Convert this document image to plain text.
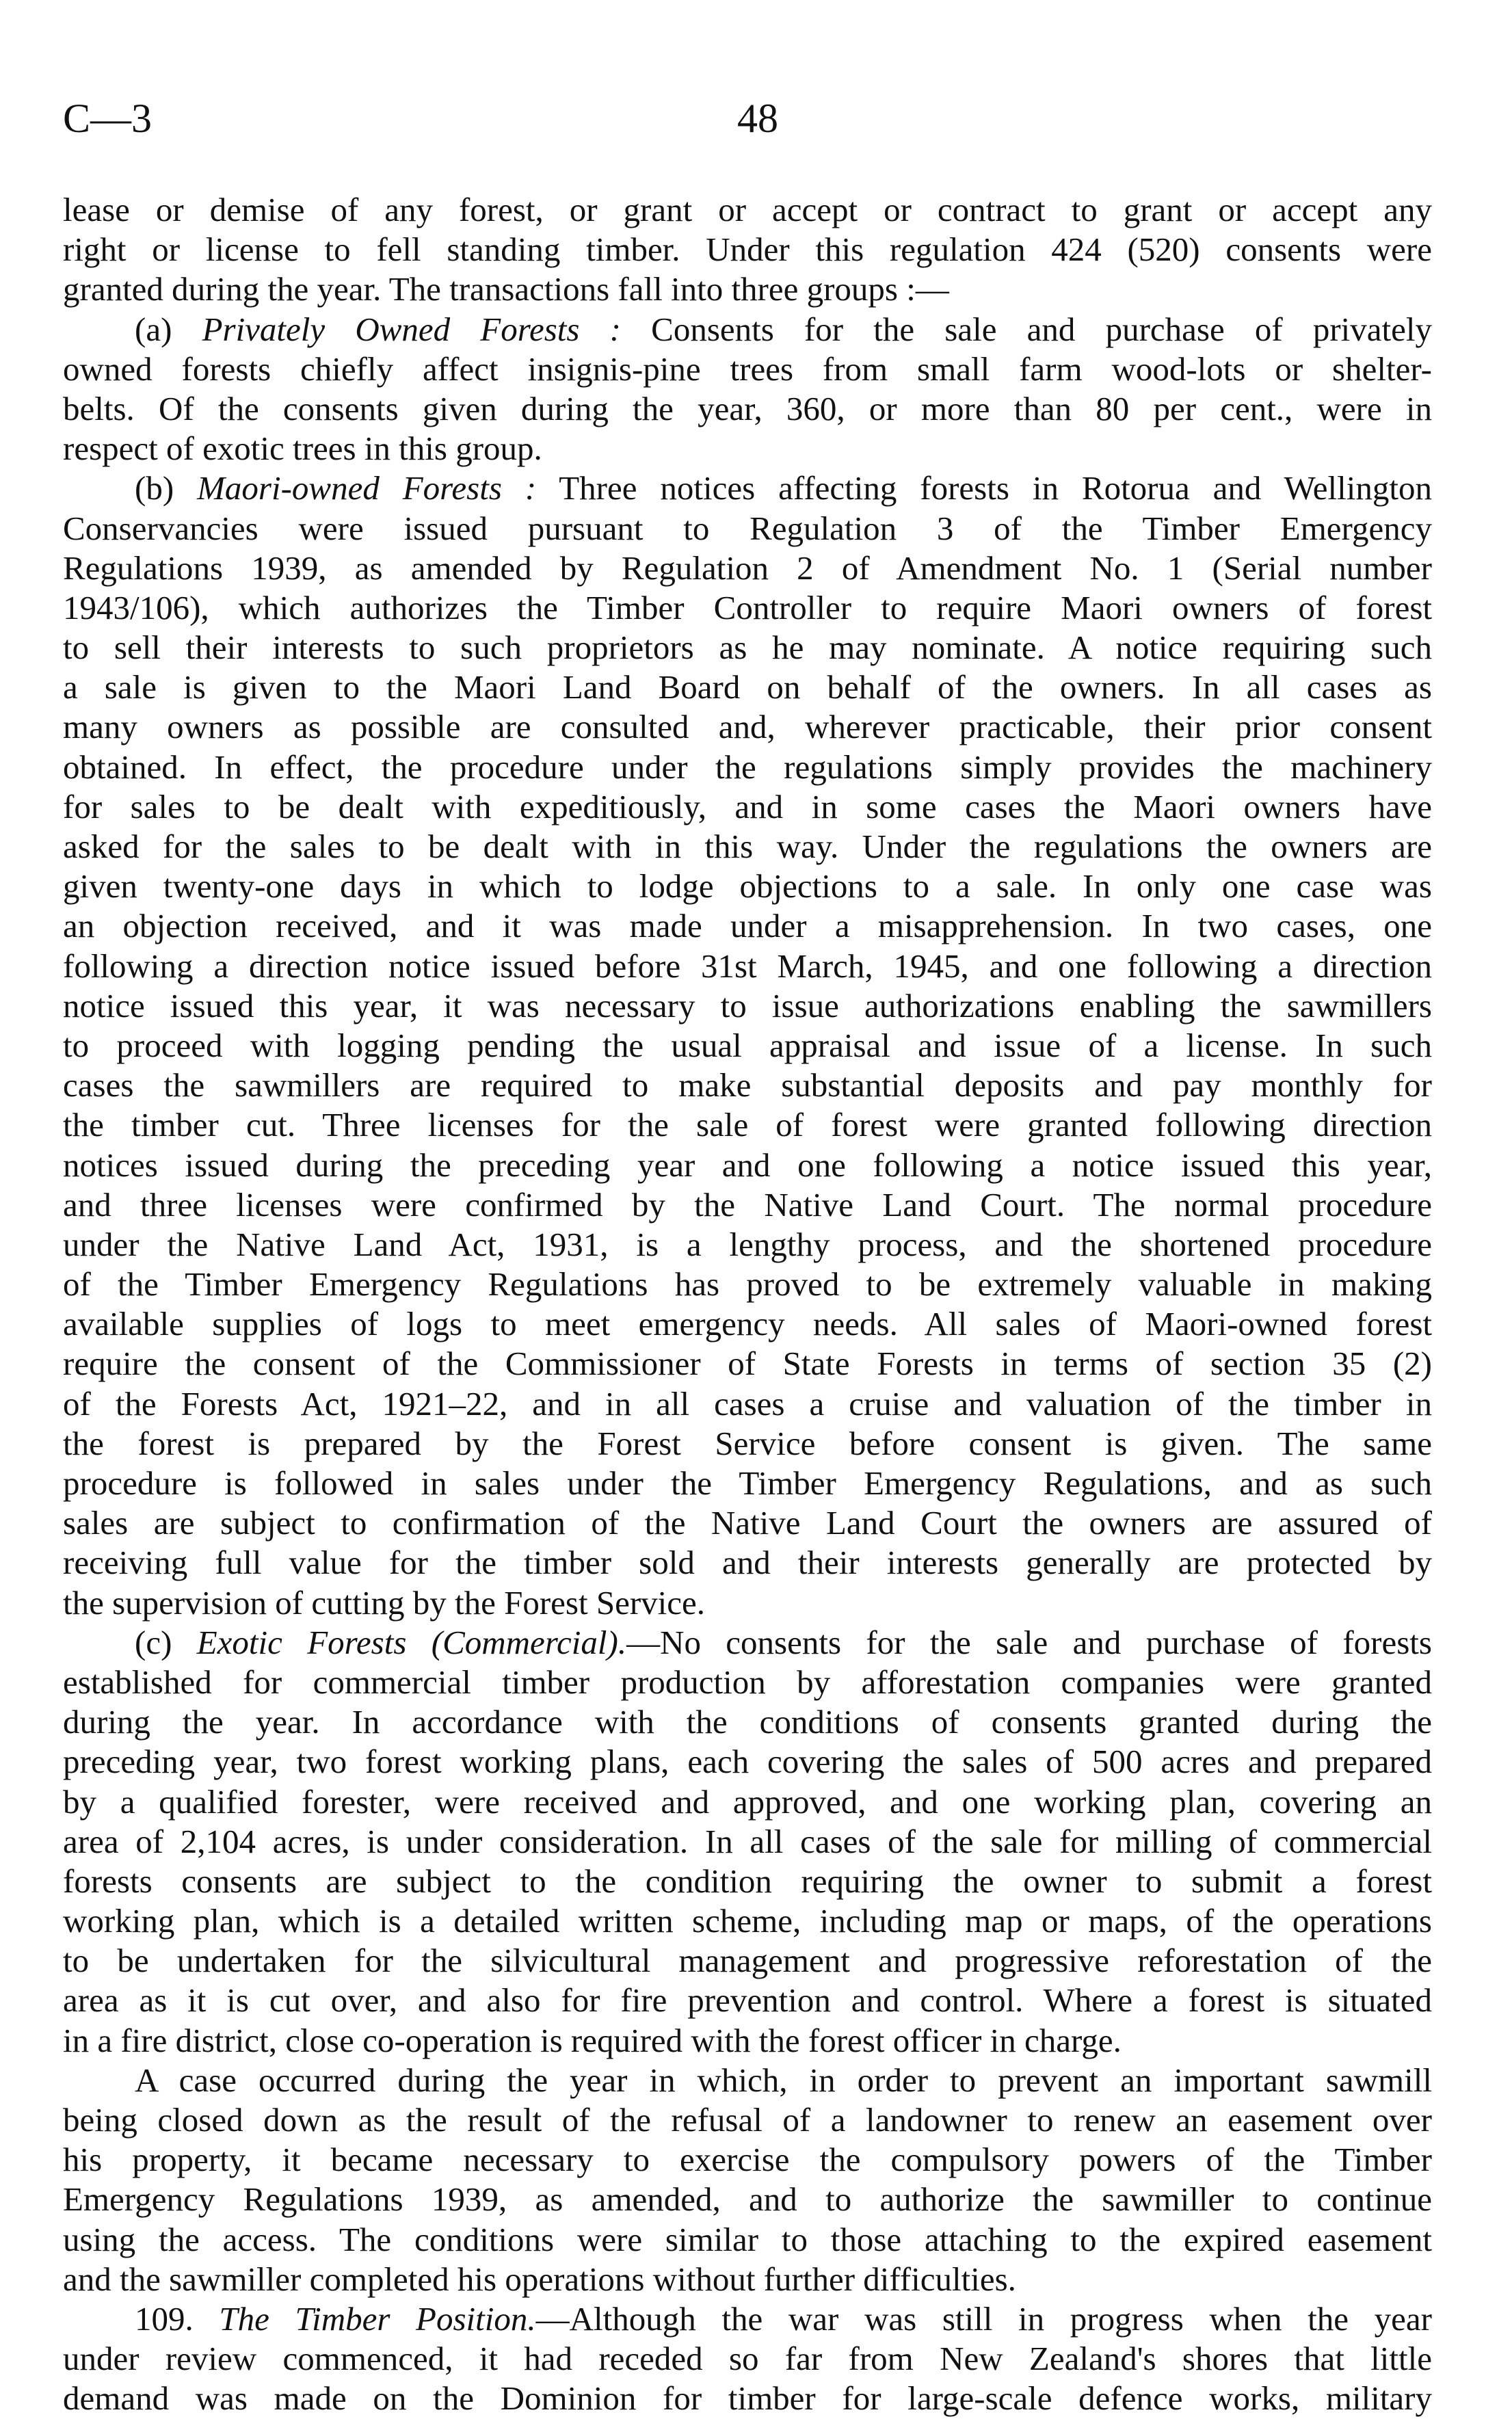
C—3	48
lease or demise of any forest, or grant or accept or contract to grant or accept any
right or license to fell standing timber. Under this regulation 424 (520) consents were
granted during the year. The transactions fall into three groups :—
(a) Privately Owned Forests : Consents for the sale and purchase of privately
owned forests chiefly affect insignis-pine trees from small farm wood-lots or shelter-
belts. Of the consents given during the year, 360, or more than 80 per cent., were in
respect of exotic trees in this group.
(b) Maori-owned Forests : Three notices affecting forests in Rotorua and Wellington
Conservancies were issued pursuant to Regulation 3 of the Timber Emergency
Regulations 1939, as amended by Regulation 2 of Amendment No. 1 (Serial number
1943/106), which authorizes the Timber Controller to require Maori owners of forest
to sell their interests to such proprietors as he may nominate. A notice requiring such
a sale is given to the Maori Land Board on behalf of the owners. In all cases as
many owners as possible are consulted and, wherever practicable, their prior consent
obtained. In effect, the procedure under the regulations simply provides the machinery
for sales to be dealt with expeditiously, and in some cases the Maori owners have
asked for the sales to be dealt with in this way. Under the regulations the owners are
given twenty-one days in which to lodge objections to a sale. In only one case was
an objection received, and it was made under a misapprehension. In two cases, one
following a direction notice issued before 31st March, 1945, and one following a direction
notice issued this year, it was necessary to issue authorizations enabling the sawmillers
to proceed with logging pending the usual appraisal and issue of a license. In such
cases the sawmillers are required to make substantial deposits and pay monthly for
the timber cut. Three licenses for the sale of forest were granted following direction
notices issued during the preceding year and one following a notice issued this year,
and three licenses were confirmed by the Native Land Court. The normal procedure
under the Native Land Act, 1931, is a lengthy process, and the shortened procedure
of the Timber Emergency Regulations has proved to be extremely valuable in making
available supplies of logs to meet emergency needs. All sales of Maori-owned forest
require the consent of the Commissioner of State Forests in terms of section 35 (2)
of the Forests Act, 1921–22, and in all cases a cruise and valuation of the timber in
the forest is prepared by the Forest Service before consent is given. The same
procedure is followed in sales under the Timber Emergency Regulations, and as such
sales are subject to confirmation of the Native Land Court the owners are assured of
receiving full value for the timber sold and their interests generally are protected by
the supervision of cutting by the Forest Service.
(c) Exotic Forests (Commercial).—No consents for the sale and purchase of forests
established for commercial timber production by afforestation companies were granted
during the year. In accordance with the conditions of consents granted during the
preceding year, two forest working plans, each covering the sales of 500 acres and prepared
by a qualified forester, were received and approved, and one working plan, covering an
area of 2,104 acres, is under consideration. In all cases of the sale for milling of commercial
forests consents are subject to the condition requiring the owner to submit a forest
working plan, which is a detailed written scheme, including map or maps, of the operations
to be undertaken for the silvicultural management and progressive reforestation of the
area as it is cut over, and also for fire prevention and control. Where a forest is situated
in a fire district, close co-operation is required with the forest officer in charge.
A case occurred during the year in which, in order to prevent an important sawmill
being closed down as the result of the refusal of a landowner to renew an easement over
his property, it became necessary to exercise the compulsory powers of the Timber
Emergency Regulations 1939, as amended, and to authorize the sawmiller to continue
using the access. The conditions were similar to those attaching to the expired easement
and the sawmiller completed his operations without further difficulties.
109. The Timber Position.—Although the war was still in progress when the year
under review commenced, it had receded so far from New Zealand's shores that little
demand was made on the Dominion for timber for large-scale defence works, military
